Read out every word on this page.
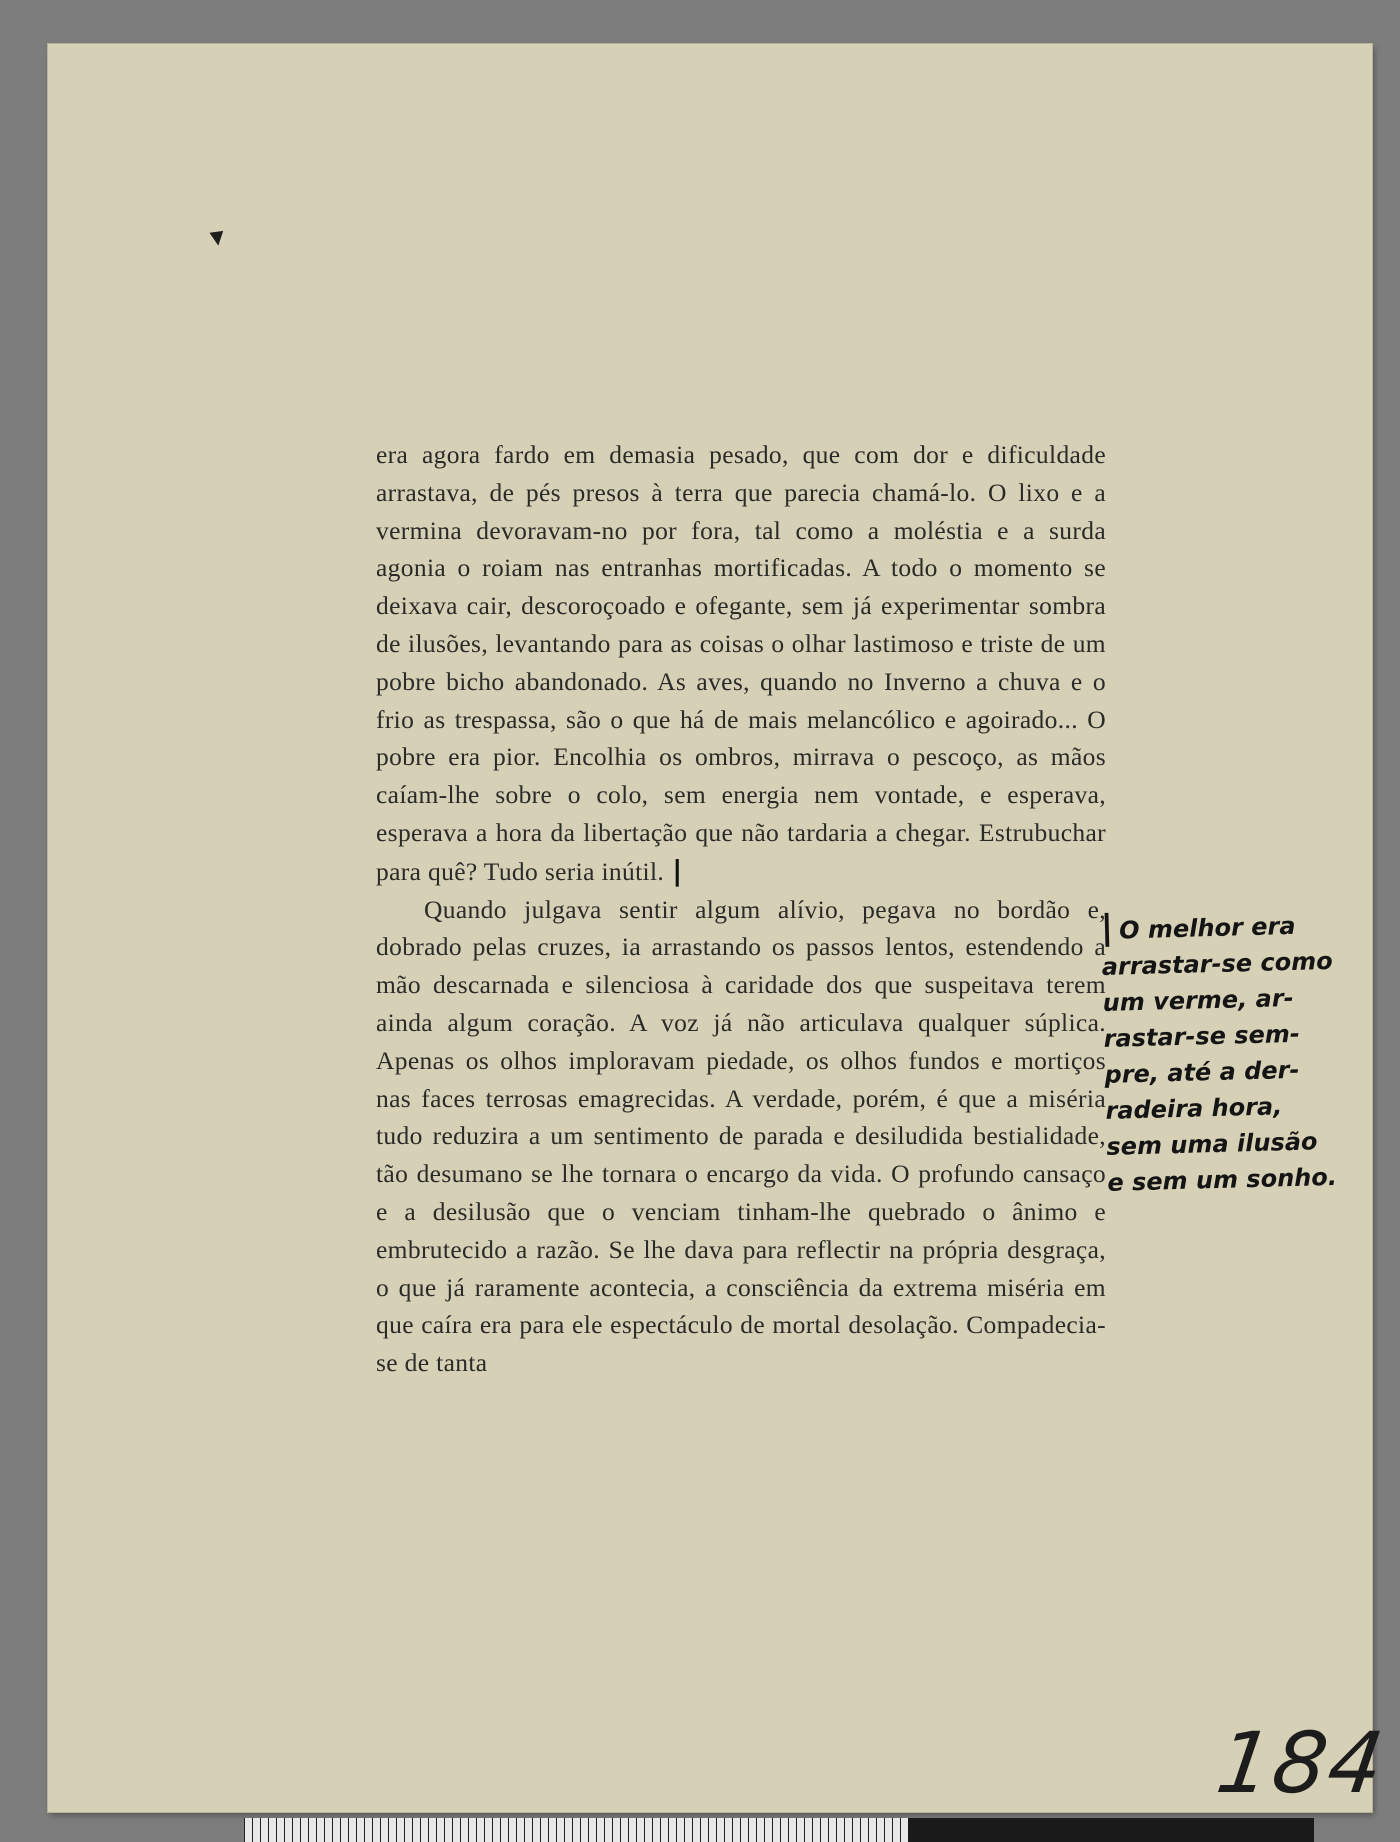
▾

era agora fardo em demasia pesado, que com dor e dificuldade arrastava, de pés presos à terra que parecia chamá-lo. O lixo e a vermina devoravam-no por fora, tal como a moléstia e a surda agonia o roiam nas entranhas mortificadas. A todo o momento se deixava cair, descoroçoado e ofegante, sem já experimentar sombra de ilusões, levantando para as coisas o olhar lastimoso e triste de um pobre bicho abandonado. As aves, quando no Inverno a chuva e o frio as trespassa, são o que há de mais melancólico e agoirado... O pobre era pior. Encolhia os ombros, mirrava o pescoço, as mãos caíam-lhe sobre o colo, sem energia nem vontade, e esperava, esperava a hora da libertação que não tardaria a chegar. Estrubuchar para quê? Tudo seria inútil. |

Quando julgava sentir algum alívio, pegava no bordão e, dobrado pelas cruzes, ia arrastando os passos lentos, estendendo a mão descarnada e silenciosa à caridade dos que suspeitava terem ainda algum coração. A voz já não articulava qualquer súplica. Apenas os olhos imploravam piedade, os olhos fundos e mortiços nas faces terrosas emagrecidas. A verdade, porém, é que a miséria tudo reduzira a um sentimento de parada e desiludida bestialidade, tão desumano se lhe tornara o encargo da vida. O profundo cansaço e a desilusão que o venciam tinham-lhe quebrado o ânimo e embrutecido a razão. Se lhe dava para reflectir na própria desgraça, o que já raramente acontecia, a consciência da extrema miséria em que caíra era para ele espectáculo de mortal desolação. Compadecia-se de tanta

| O melhor era
arrastar-se como
um verme, ar-
rastar-se sem-
pre, até a der-
radeira hora,
sem uma ilusão
e sem um sonho.
184
